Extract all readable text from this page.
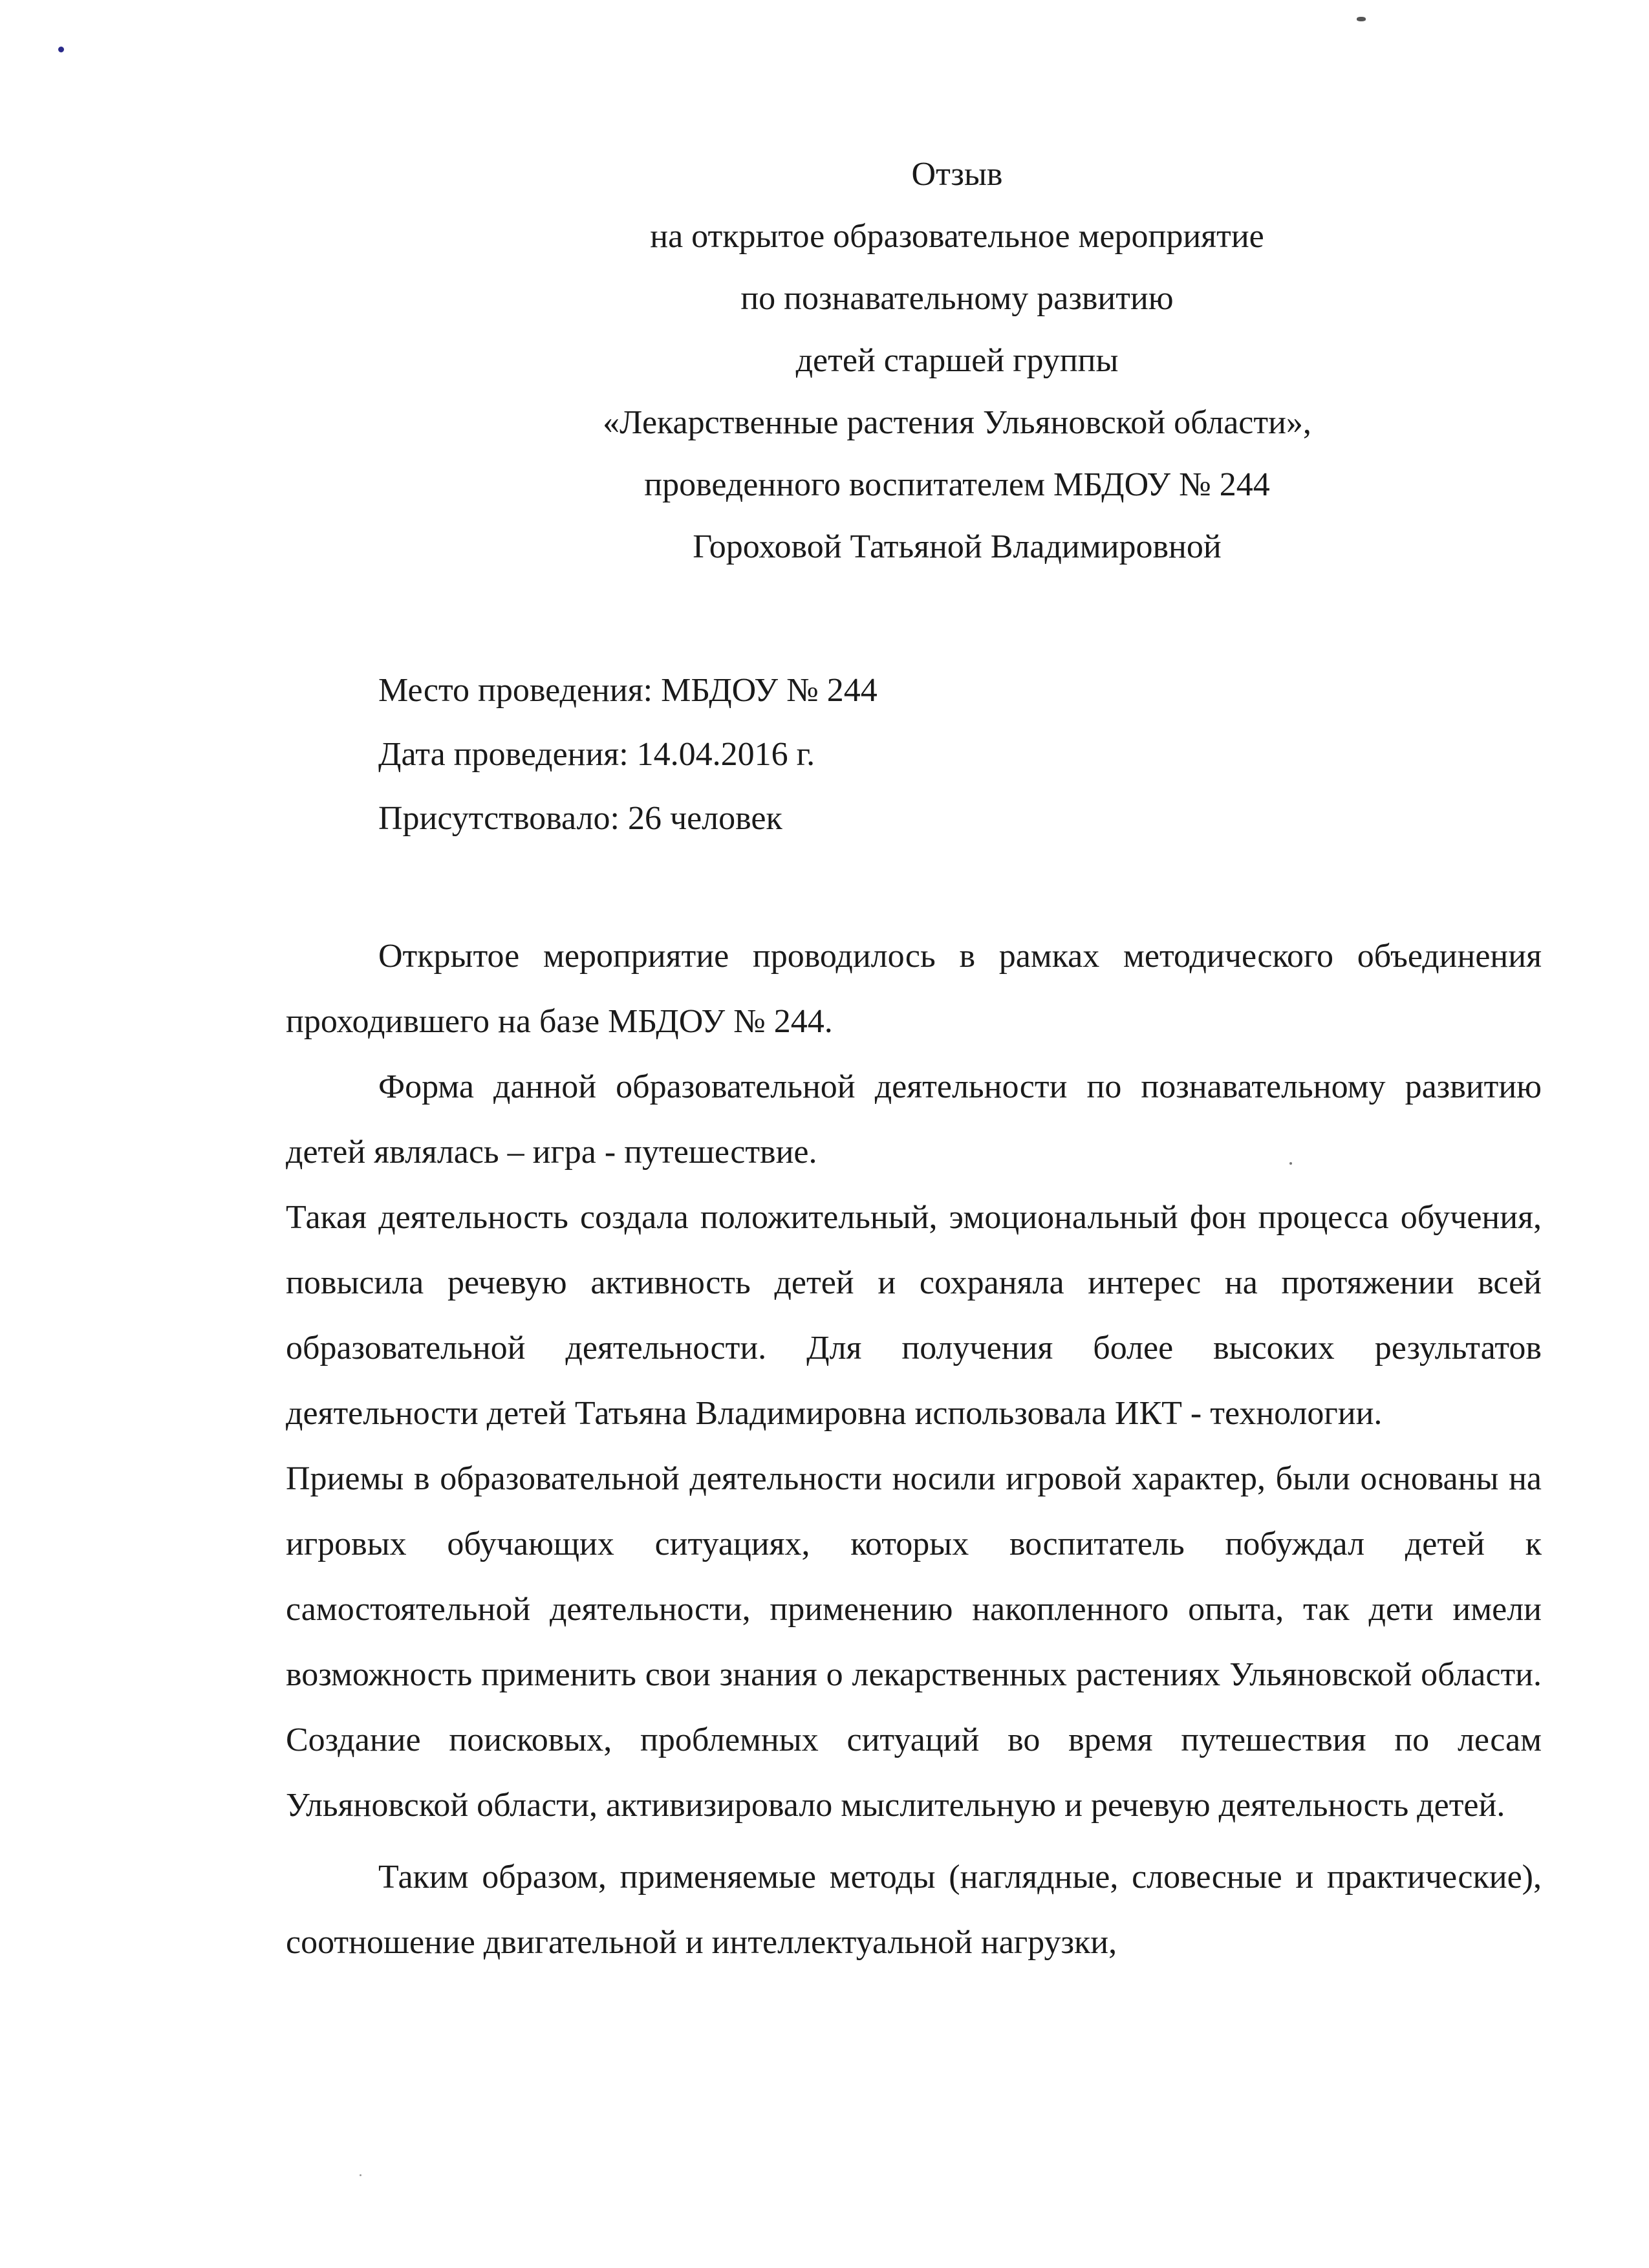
Отзыв
на открытое образовательное мероприятие
по познавательному развитию
детей старшей группы
«Лекарственные растения Ульяновской области»,
проведенного воспитателем МБДОУ № 244
Гороховой Татьяной Владимировной
Место проведения: МБДОУ № 244
Дата проведения: 14.04.2016 г.
Присутствовало: 26 человек

Открытое мероприятие проводилось в рамках методического объединения проходившего на базе МБДОУ № 244.

Форма данной образовательной деятельности по познавательному развитию детей являлась – игра - путешествие.

Такая деятельность создала положительный, эмоциональный фон процесса обучения, повысила речевую активность детей и сохраняла интерес на протяжении всей образовательной деятельности. Для получения более высоких результатов деятельности детей Татьяна Владимировна использовала ИКТ - технологии.

Приемы в образовательной деятельности носили игровой характер, были основаны на игровых обучающих ситуациях, которых воспитатель побуждал детей к самостоятельной деятельности, применению накопленного опыта, так дети имели возможность применить свои знания о лекарственных растениях Ульяновской области. Создание поисковых, проблемных ситуаций во время путешествия по лесам Ульяновской области, активизировало мыслительную и речевую деятельность детей.

Таким образом, применяемые методы (наглядные, словесные и практические), соотношение двигательной и интеллектуальной нагрузки,
